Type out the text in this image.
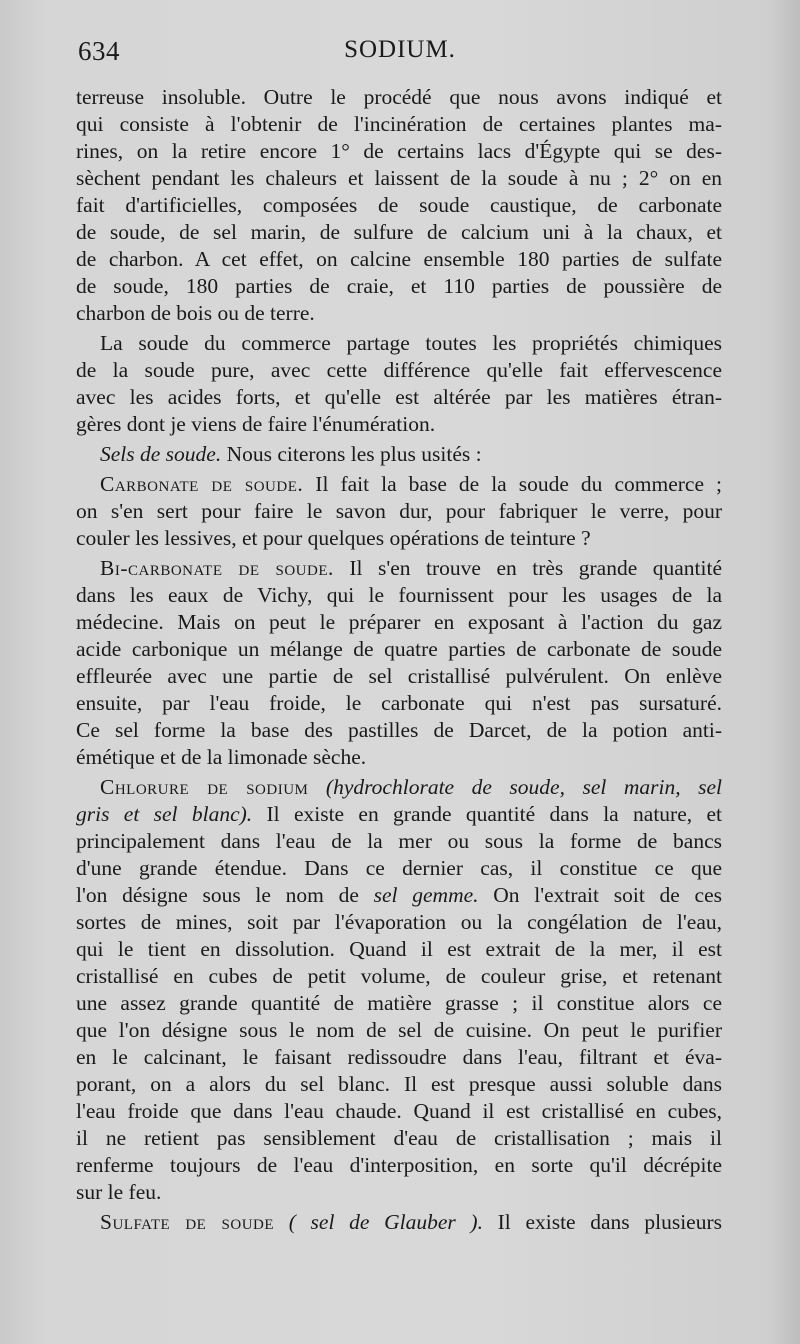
634	SODIUM.
terreuse insoluble. Outre le procédé que nous avons indiqué et
qui consiste à l'obtenir de l'incinération de certaines plantes ma-
rines, on la retire encore 1° de certains lacs d'Égypte qui se des-
sèchent pendant les chaleurs et laissent de la soude à nu ; 2° on en
fait d'artificielles, composées de soude caustique, de carbonate
de soude, de sel marin, de sulfure de calcium uni à la chaux, et
de charbon. A cet effet, on calcine ensemble 180 parties de sulfate
de soude, 180 parties de craie, et 110 parties de poussière de
charbon de bois ou de terre.
La soude du commerce partage toutes les propriétés chimiques
de la soude pure, avec cette différence qu'elle fait effervescence
avec les acides forts, et qu'elle est altérée par les matières étran-
gères dont je viens de faire l'énumération.
Sels de soude. Nous citerons les plus usités :
Carbonate de soude. Il fait la base de la soude du commerce ;
on s'en sert pour faire le savon dur, pour fabriquer le verre, pour
couler les lessives, et pour quelques opérations de teinture ?
Bi-carbonate de soude. Il s'en trouve en très grande quantité
dans les eaux de Vichy, qui le fournissent pour les usages de la
médecine. Mais on peut le préparer en exposant à l'action du gaz
acide carbonique un mélange de quatre parties de carbonate de soude
effleurée avec une partie de sel cristallisé pulvérulent. On enlève
ensuite, par l'eau froide, le carbonate qui n'est pas sursaturé.
Ce sel forme la base des pastilles de Darcet, de la potion anti-
émétique et de la limonade sèche.
Chlorure de sodium (hydrochlorate de soude, sel marin, sel
gris et sel blanc). Il existe en grande quantité dans la nature, et
principalement dans l'eau de la mer ou sous la forme de bancs
d'une grande étendue. Dans ce dernier cas, il constitue ce que
l'on désigne sous le nom de sel gemme. On l'extrait soit de ces
sortes de mines, soit par l'évaporation ou la congélation de l'eau,
qui le tient en dissolution. Quand il est extrait de la mer, il est
cristallisé en cubes de petit volume, de couleur grise, et retenant
une assez grande quantité de matière grasse ; il constitue alors ce
que l'on désigne sous le nom de sel de cuisine. On peut le purifier
en le calcinant, le faisant redissoudre dans l'eau, filtrant et éva-
porant, on a alors du sel blanc. Il est presque aussi soluble dans
l'eau froide que dans l'eau chaude. Quand il est cristallisé en cubes,
il ne retient pas sensiblement d'eau de cristallisation ; mais il
renferme toujours de l'eau d'interposition, en sorte qu'il décrépite
sur le feu.
Sulfate de soude ( sel de Glauber ). Il existe dans plusieurs
